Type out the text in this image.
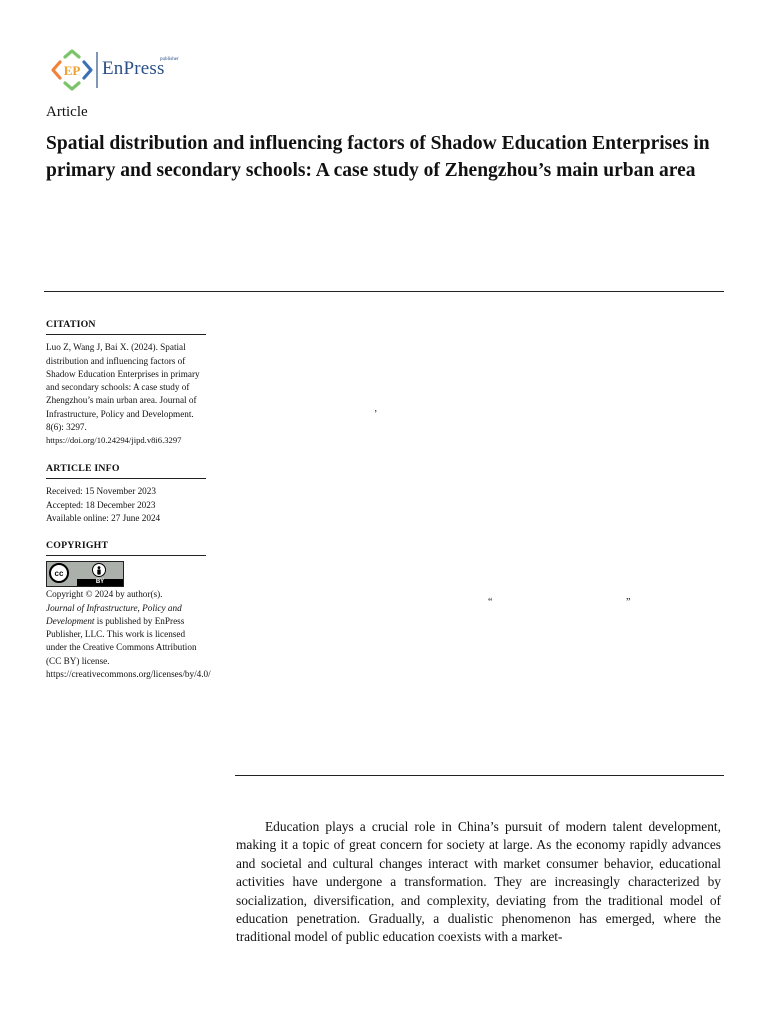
EP EnPress
publisher
Article
Spatial distribution and influencing factors of Shadow Education Enterprises in primary and secondary schools: A case study of Zhengzhou’s main urban area
CITATION
Luo Z, Wang J, Bai X. (2024). Spatial distribution and influencing factors of Shadow Education Enterprises in primary and secondary schools: A case study of Zhengzhou’s main urban area. Journal of Infrastructure, Policy and Development. 8(6): 3297.
https://doi.org/10.24294/jipd.v8i6.3297
ARTICLE INFO
Received: 15 November 2023
Accepted: 18 December 2023
Available online: 27 June 2024
COPYRIGHT
cc
BY
Copyright © 2024 by author(s).
Journal of Infrastructure, Policy and Development is published by EnPress Publisher, LLC. This work is licensed under the Creative Commons Attribution (CC BY) license.
https://creativecommons.org/licenses/by/4.0/
’
“	”
Education plays a crucial role in China’s pursuit of modern talent development, making it a topic of great concern for society at large. As the economy rapidly advances and societal and cultural changes interact with market consumer behavior, educational activities have undergone a transformation. They are increasingly characterized by socialization, diversification, and complexity, deviating from the traditional model of education penetration. Gradually, a dualistic phenomenon has emerged, where the traditional model of public education coexists with a market-
